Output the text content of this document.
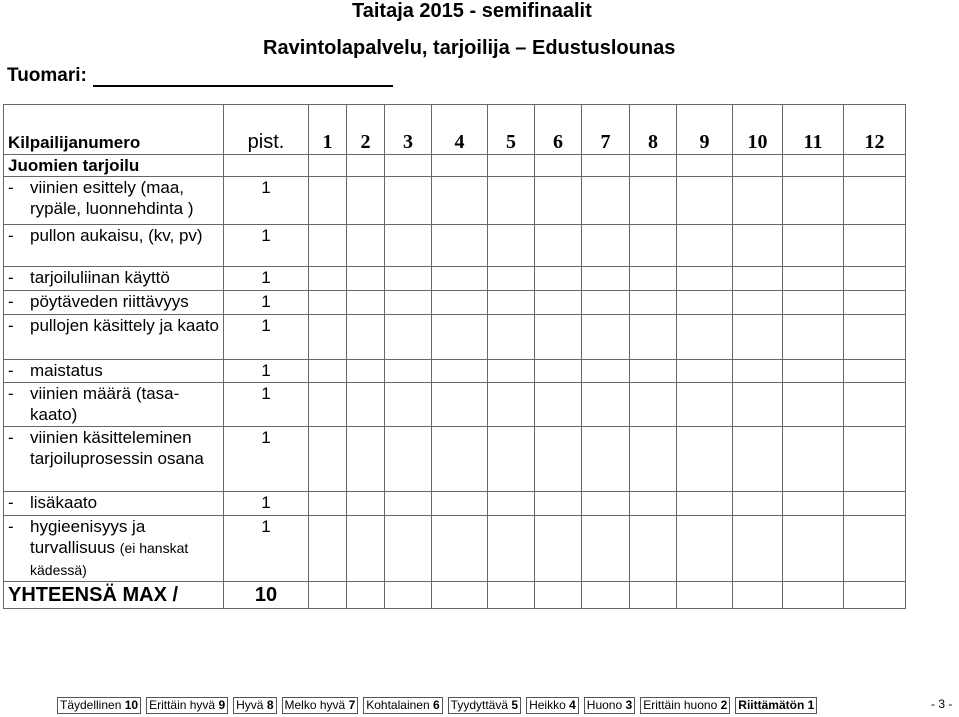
Taitaja 2015 - semifinaalit
Ravintolapalvelu, tarjoilija – Edustuslounas
Tuomari:
Kilpailijanumero	pist.	1	2	3	4	5	6	7	8	9	10	11	12
Juomien tarjoilu													

- viinien esittely (maa, rypäle, luonnehdinta )	1												

- pullon aukaisu, (kv, pv)	1												

- tarjoiluliinan käyttö	1												

- pöytäveden riittävyys	1												

- pullojen käsittely ja kaato	1												

- maistatus	1												

- viinien määrä (tasa-kaato)	1												

- viinien käsitteleminen tarjoiluprosessin osana	1												

- lisäkaato	1												

- hygieenisyys ja turvallisuus (ei hanskat kädessä)	1												
YHTEENSÄ MAX /	10												
Täydellinen 10 Erittäin hyvä 9 Hyvä 8 Melko hyvä 7 Kohtalainen 6 Tyydyttävä 5 Heikko 4 Huono 3 Erittäin huono 2 Riittämätön 1	- 3 -
